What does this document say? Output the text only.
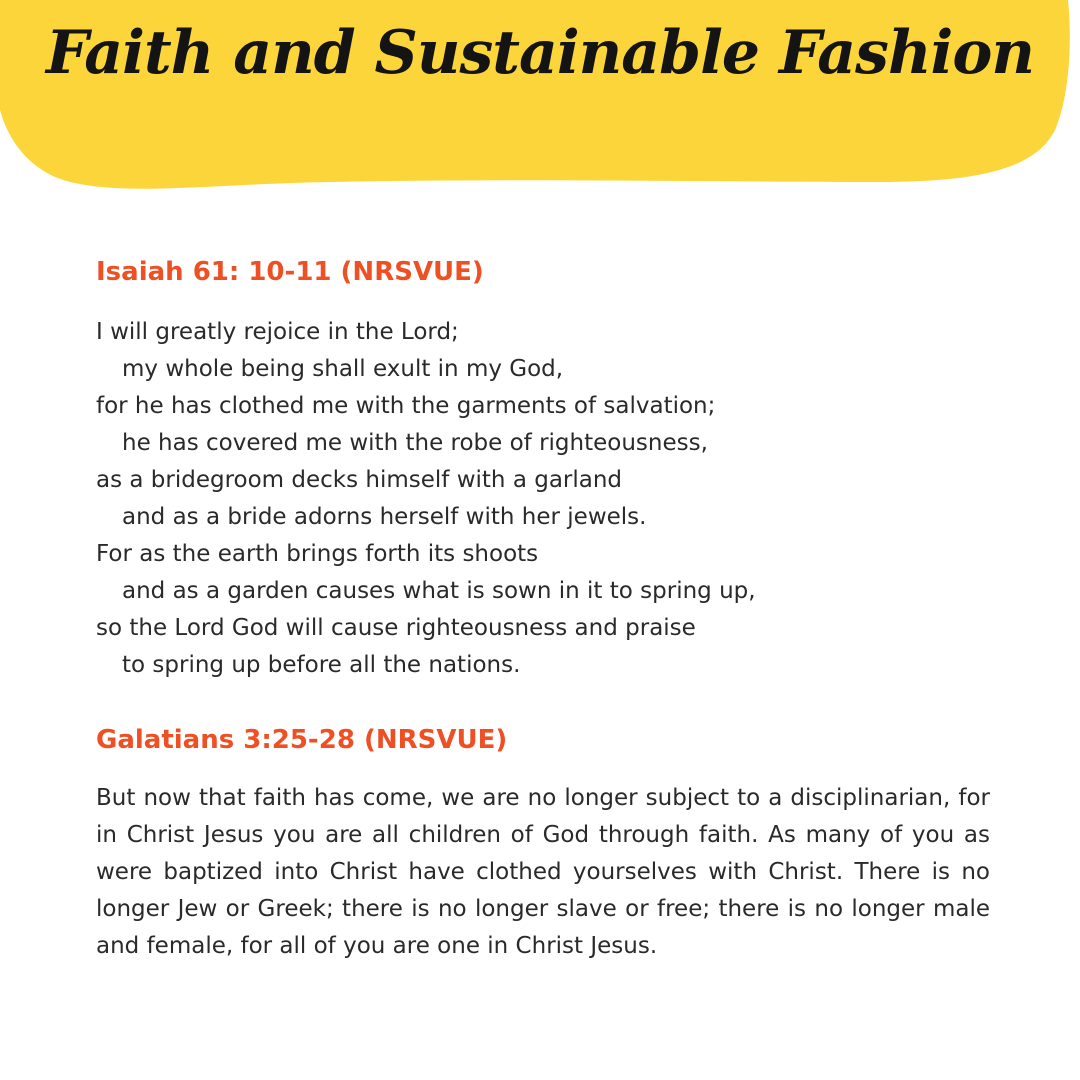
Faith and Sustainable Fashion
Isaiah 61: 10-11 (NRSVUE)
I will greatly rejoice in the Lord;
my whole being shall exult in my God,
for he has clothed me with the garments of salvation;
he has covered me with the robe of righteousness,
as a bridegroom decks himself with a garland
and as a bride adorns herself with her jewels.
For as the earth brings forth its shoots
and as a garden causes what is sown in it to spring up,
so the Lord God will cause righteousness and praise
to spring up before all the nations.
Galatians 3:25-28 (NRSVUE)

But now that faith has come, we are no longer subject to a disciplinarian, for in Christ Jesus you are all children of God through faith. As many of you as were baptized into Christ have clothed yourselves with Christ. There is no longer Jew or Greek; there is no longer slave or free; there is no longer male and female, for all of you are one in Christ Jesus.
